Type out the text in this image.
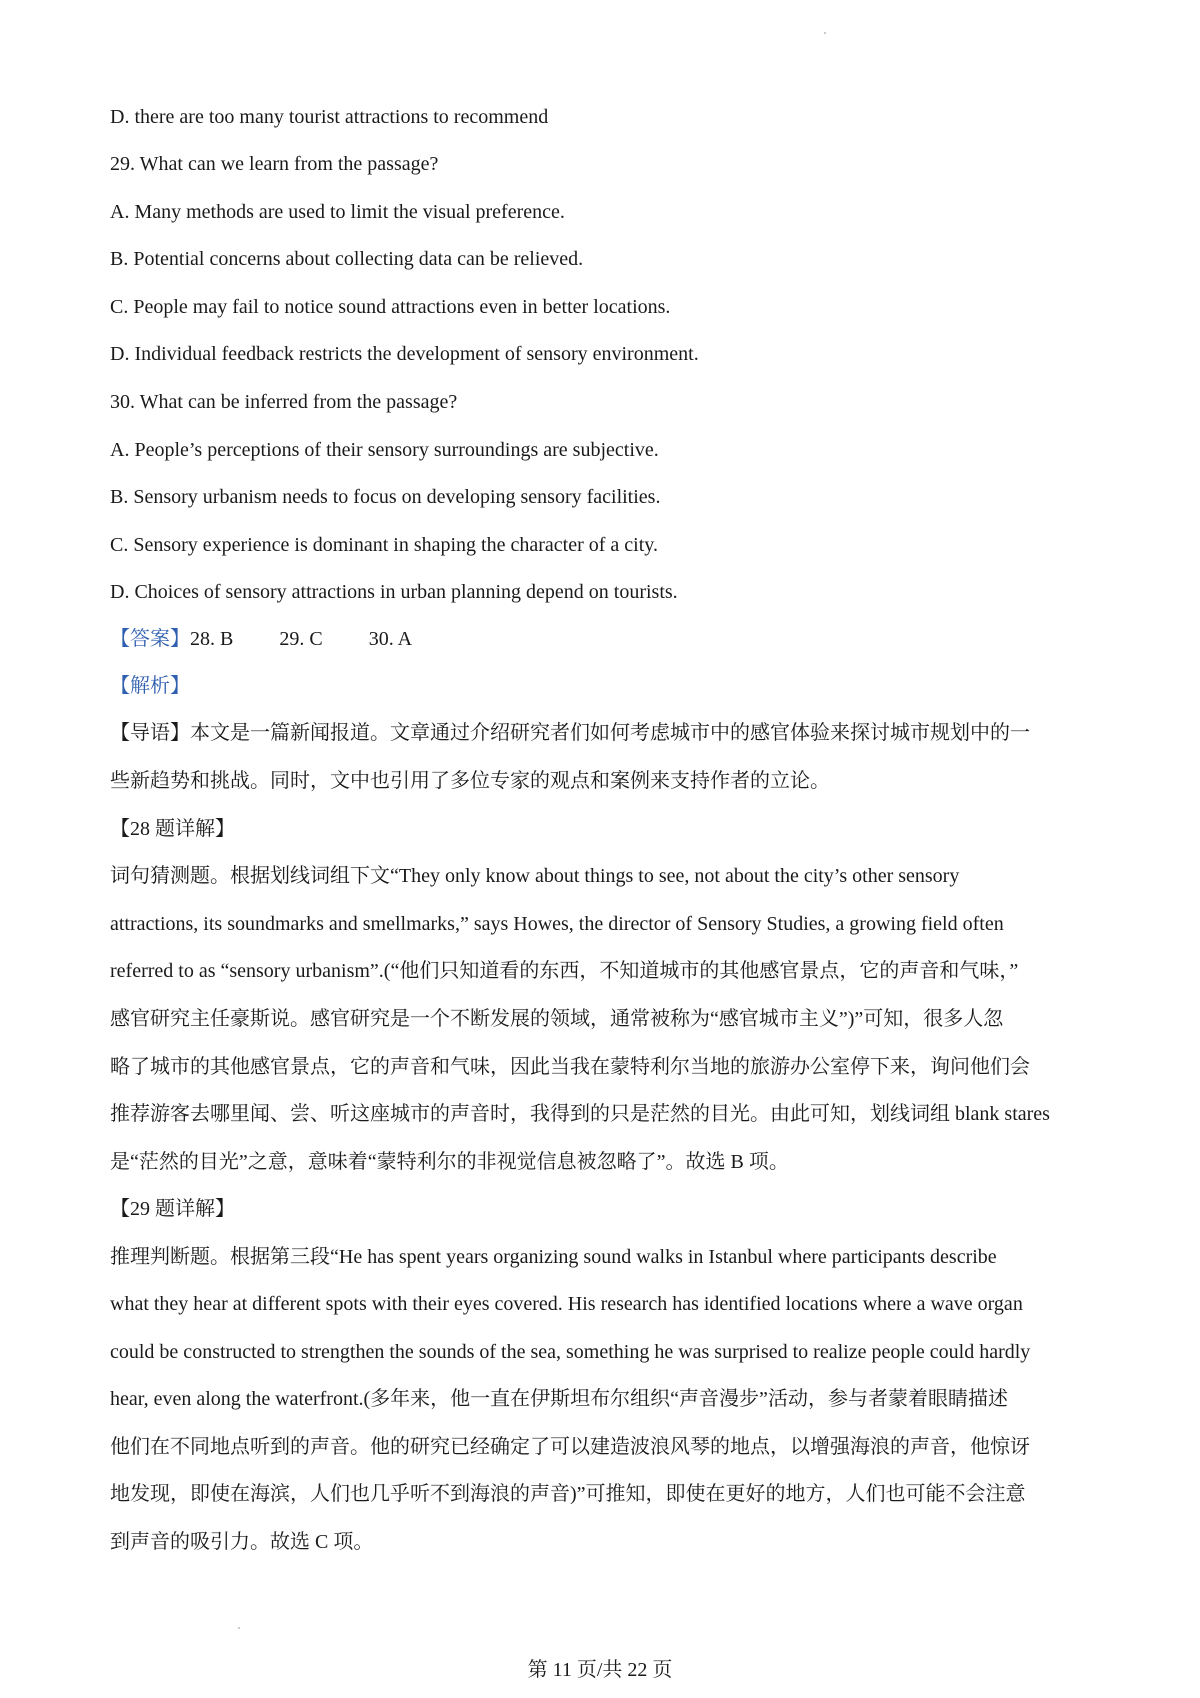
D. there are too many tourist attractions to recommend
29. What can we learn from the passage?
A. Many methods are used to limit the visual preference.
B. Potential concerns about collecting data can be relieved.
C. People may fail to notice sound attractions even in better locations.
D. Individual feedback restricts the development of sensory environment.
30. What can be inferred from the passage?
A. People’s perceptions of their sensory surroundings are subjective.
B. Sensory urbanism needs to focus on developing sensory facilities.
C. Sensory experience is dominant in shaping the character of a city.
D. Choices of sensory attractions in urban planning depend on tourists.
【答案】28. B 29. C 30. A
【解析】
【导语】本文是一篇新闻报道。文章通过介绍研究者们如何考虑城市中的感官体验来探讨城市规划中的一
些新趋势和挑战。同时，文中也引用了多位专家的观点和案例来支持作者的立论。
【28 题详解】
词句猜测题。根据划线词组下文“They only know about things to see, not about the city’s other sensory
attractions, its soundmarks and smellmarks,” says Howes, the director of Sensory Studies, a growing field often
referred to as “sensory urbanism”.(“他们只知道看的东西，不知道城市的其他感官景点，它的声音和气味，”
感官研究主任豪斯说。感官研究是一个不断发展的领域，通常被称为“感官城市主义”)”可知，很多人忽
略了城市的其他感官景点，它的声音和气味，因此当我在蒙特利尔当地的旅游办公室停下来，询问他们会
推荐游客去哪里闻、尝、听这座城市的声音时，我得到的只是茫然的目光。由此可知，划线词组 blank stares
是“茫然的目光”之意，意味着“蒙特利尔的非视觉信息被忽略了”。故选 B 项。
【29 题详解】
推理判断题。根据第三段“He has spent years organizing sound walks in Istanbul where participants describe
what they hear at different spots with their eyes covered. His research has identified locations where a wave organ
could be constructed to strengthen the sounds of the sea, something he was surprised to realize people could hardly
hear, even along the waterfront.(多年来，他一直在伊斯坦布尔组织“声音漫步”活动，参与者蒙着眼睛描述
他们在不同地点听到的声音。他的研究已经确定了可以建造波浪风琴的地点，以增强海浪的声音，他惊讶
地发现，即使在海滨，人们也几乎听不到海浪的声音)”可推知，即使在更好的地方，人们也可能不会注意
到声音的吸引力。故选 C 项。
第 11 页/共 22 页
